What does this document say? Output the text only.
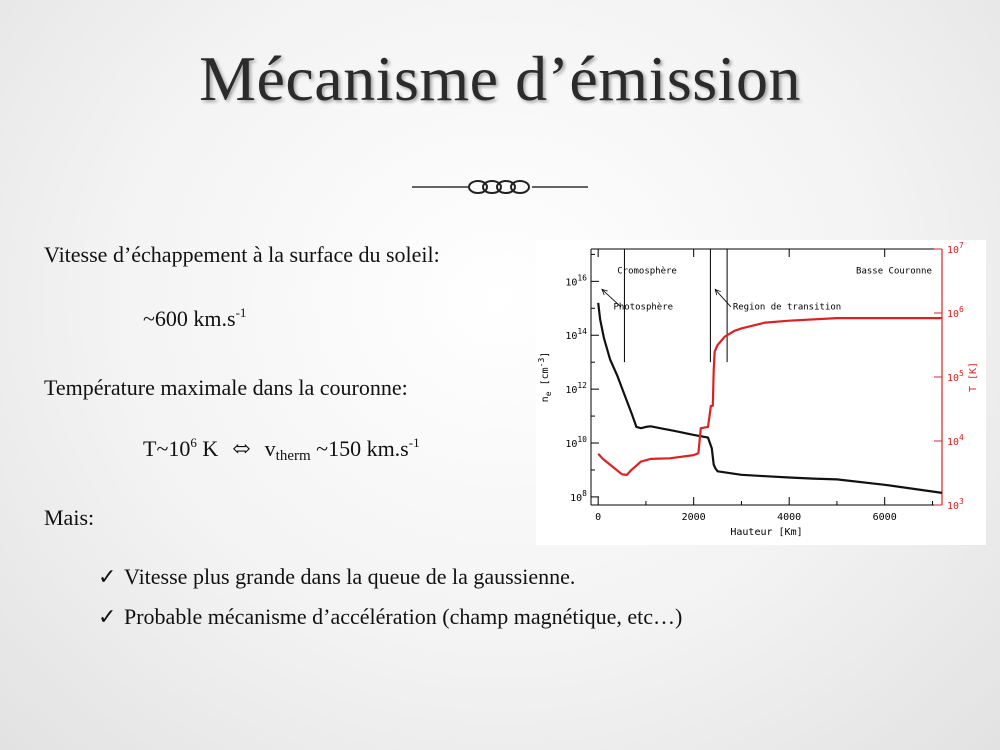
Mécanisme d’émission
Vitesse d’échappement à la surface du soleil:
~600 $km.s^{-1}$
Température maximale dans la couronne:
$T\sim 10^6$ K ⬄ $v_{therm}$ ~150 $km.s^{-1}$
Mais:
✓ Vitesse plus grande dans la queue de la gaussienne.
✓ Probable mécanisme d’accélération (champ magnétique, etc…)
0	2000	4000	6000
Hauteur [Km]
$10^8$
$10^{10}$
$10^{12}$
$10^{14}$
$10^{16}$
$10^3$
$10^4$
$10^5$
$10^6$
$10^7$
$n_e$ $[cm^{-3}]$
T [K]
Cromosphère	Basse Couronne
Photosphère	Region de transition
